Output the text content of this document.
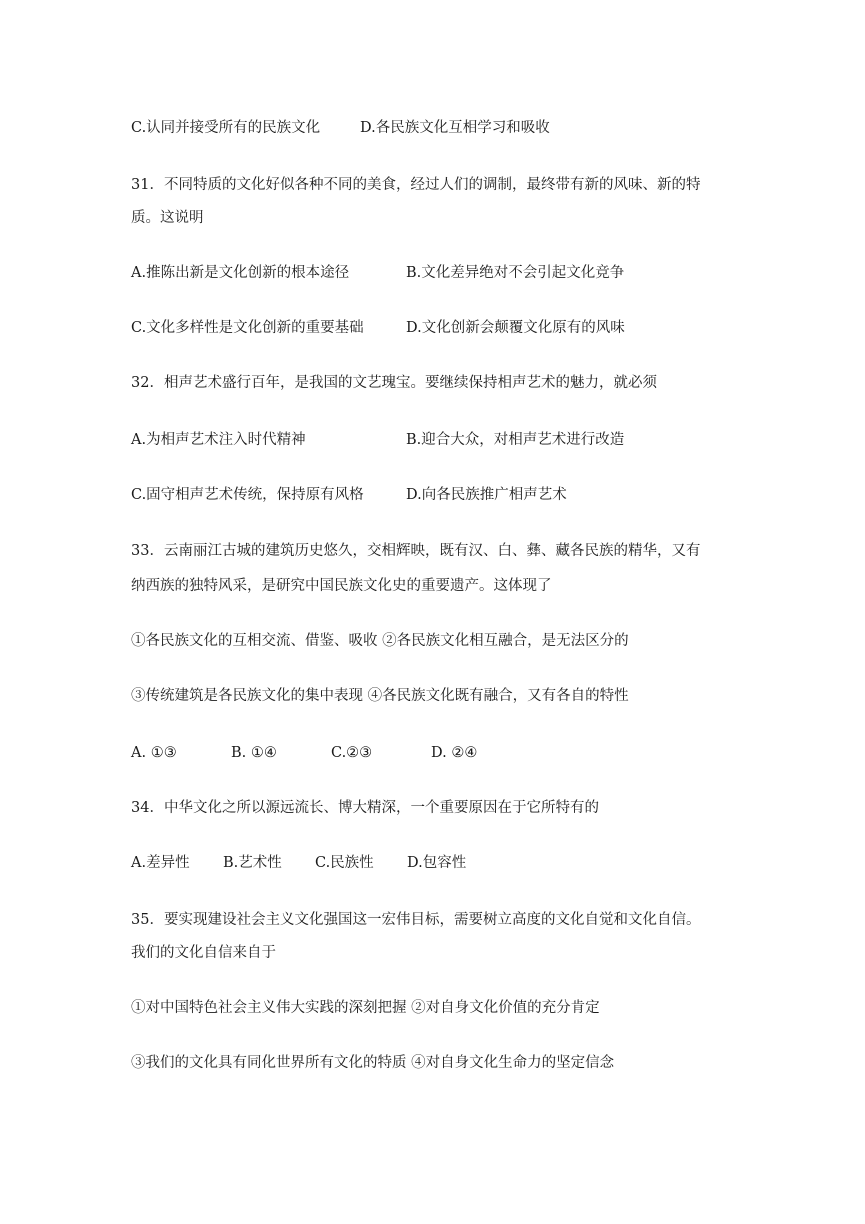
C.认同并接受所有的民族文化	D.各民族文化互相学习和吸收
31．不同特质的文化好似各种不同的美食，经过人们的调制，最终带有新的风味、新的特
质。这说明
A.推陈出新是文化创新的根本途径	B.文化差异绝对不会引起文化竞争
C.文化多样性是文化创新的重要基础	D.文化创新会颠覆文化原有的风味
32．相声艺术盛行百年，是我国的文艺瑰宝。要继续保持相声艺术的魅力，就必须
A.为相声艺术注入时代精神	B.迎合大众，对相声艺术进行改造
C.固守相声艺术传统，保持原有风格	D.向各民族推广相声艺术
33．云南丽江古城的建筑历史悠久，交相辉映，既有汉、白、彝、藏各民族的精华，又有
纳西族的独特风采，是研究中国民族文化史的重要遗产。这体现了
①各民族文化的互相交流、借鉴、吸收 ②各民族文化相互融合，是无法区分的
③传统建筑是各民族文化的集中表现 ④各民族文化既有融合，又有各自的特性
A. ①③	B. ①④	C.②③	D. ②④
34．中华文化之所以源远流长、博大精深，一个重要原因在于它所特有的
A.差异性 B.艺术性 C.民族性 D.包容性
35．要实现建设社会主义文化强国这一宏伟目标，需要树立高度的文化自觉和文化自信。
我们的文化自信来自于
①对中国特色社会主义伟大实践的深刻把握 ②对自身文化价值的充分肯定
③我们的文化具有同化世界所有文化的特质 ④对自身文化生命力的坚定信念
